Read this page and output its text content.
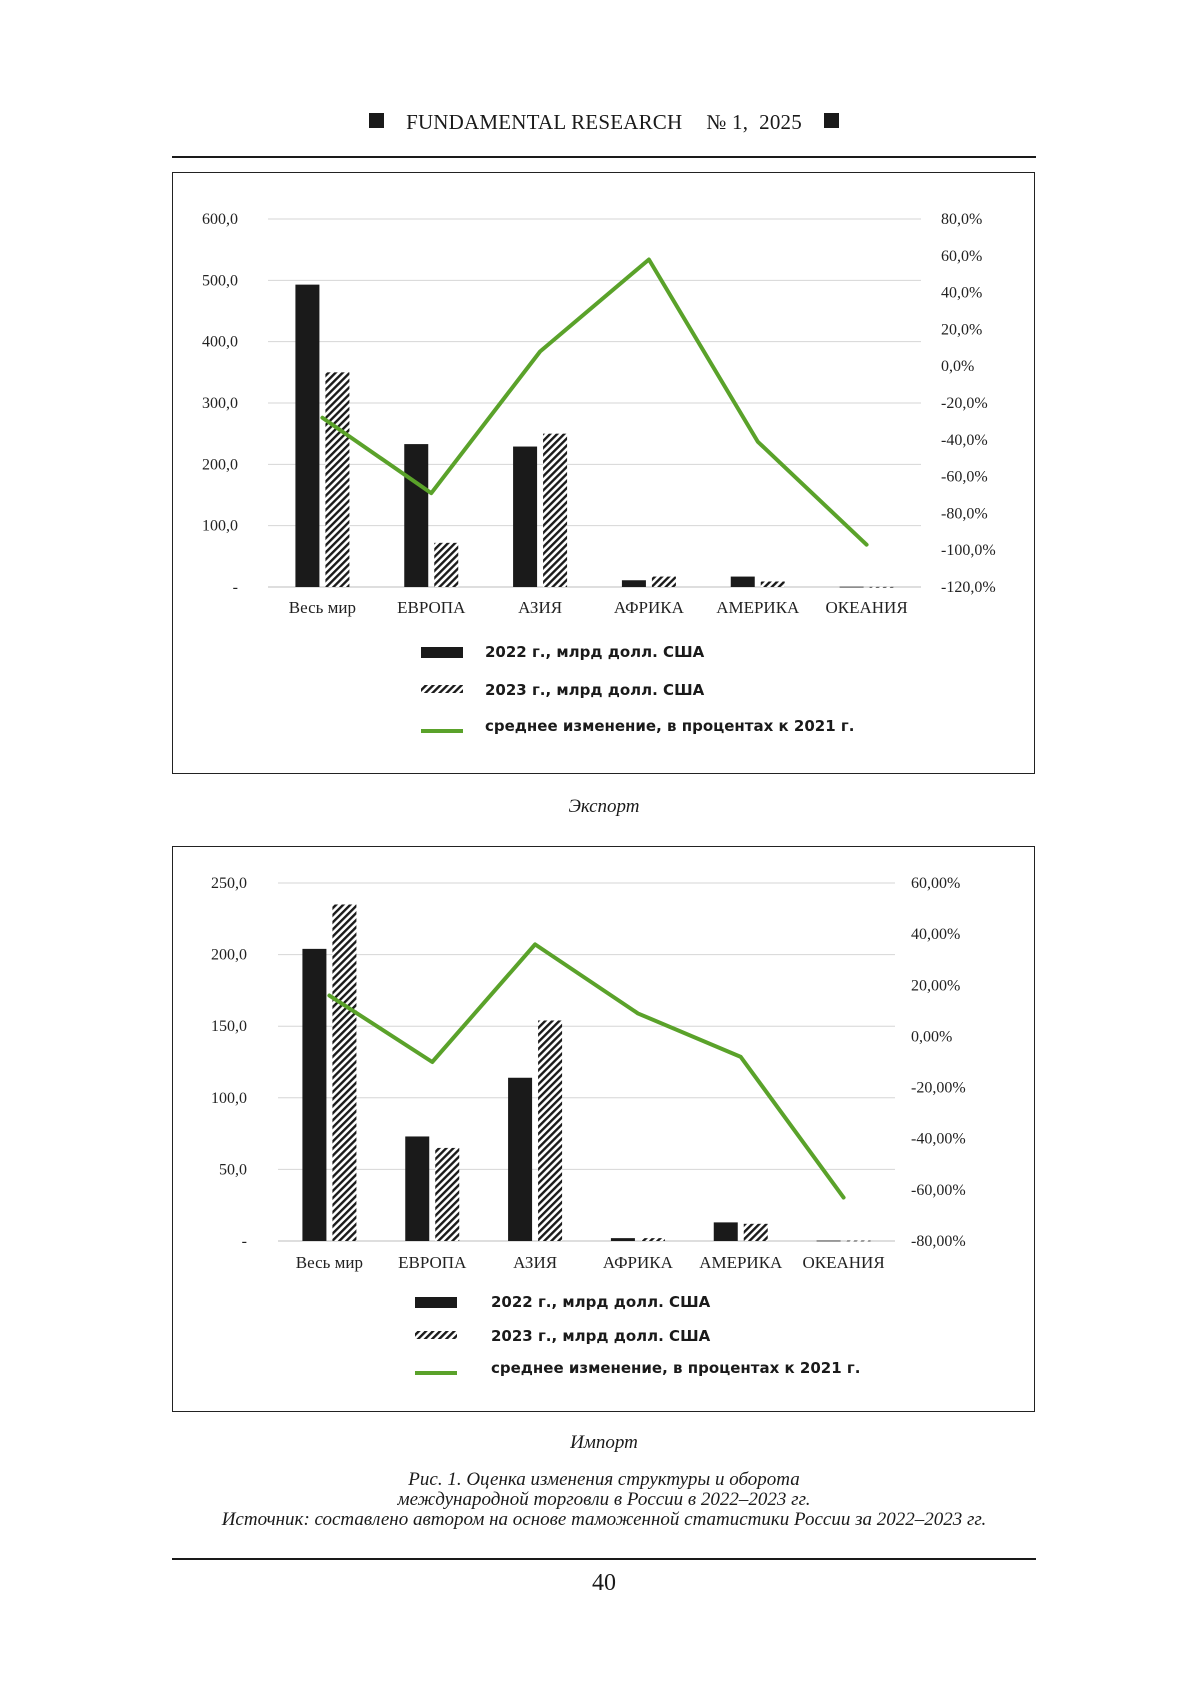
FUNDAMENTAL RESEARCH № 1, 2025
-
100,0
200,0
300,0
400,0
500,0
600,0
-120,0%
-100,0%
-80,0%
-60,0%
-40,0%
-20,0%
0,0%
20,0%
40,0%
60,0%
80,0%
Весь мир ЕВРОПА	АЗИЯ	АФРИКА АМЕРИКА ОКЕАНИЯ
2022 г., млрд долл. США
2023 г., млрд долл. США
среднее изменение, в процентах к 2021 г.
Экспорт
-
50,0
100,0
150,0
200,0
250,0
-80,00%
-60,00%
-40,00%
-20,00%
0,00%
20,00%
40,00%
60,00%
Весь мир ЕВРОПА	АЗИЯ	АФРИКА АМЕРИКА ОКЕАНИЯ
2022 г., млрд долл. США
2023 г., млрд долл. США
среднее изменение, в процентах к 2021 г.
Импорт
Рис. 1. Оценка изменения структуры и оборота
международной торговли в России в 2022–2023 гг.
Источник: составлено автором на основе таможенной статистики России за 2022–2023 гг.
40
